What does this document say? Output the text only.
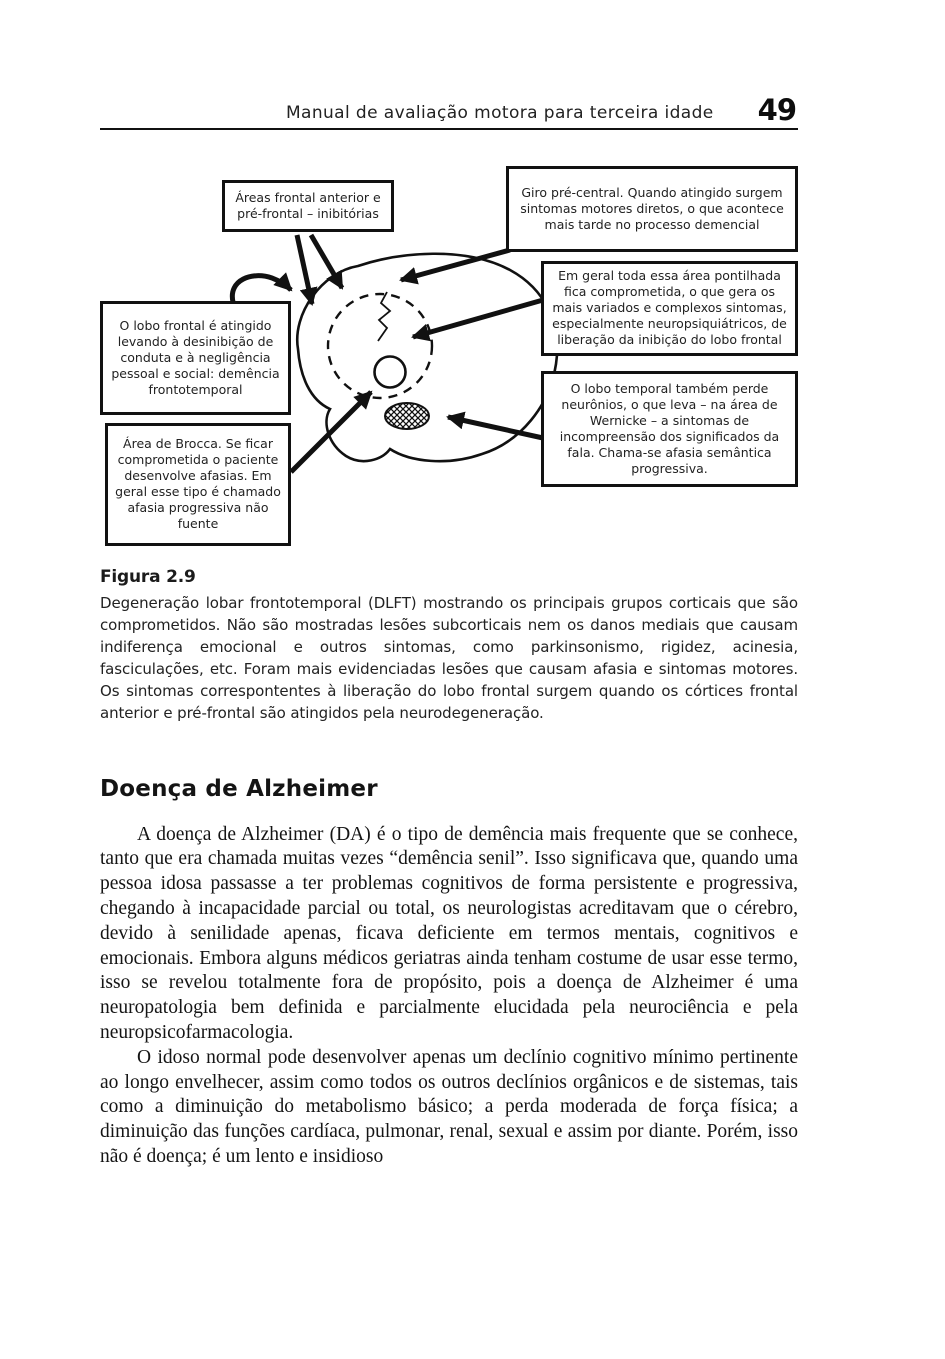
Manual de avaliação motora para terceira idade 49
Áreas frontal anterior e pré-frontal – inibitórias
Giro pré-central. Quando atingido surgem sintomas motores diretos, o que acontece mais tarde no processo demencial
Em geral toda essa área pontilhada fica comprometida, o que gera os mais variados e complexos sintomas, especialmente neuropsiquiátricos, de liberação da inibição do lobo frontal
O lobo temporal também perde neurônios, o que leva – na área de Wernicke – a sintomas de incompreensão dos significados da fala. Chama-se afasia semântica progressiva.
O lobo frontal é atingido levando à desinibição de conduta e à negligência pessoal e social: demência frontotemporal
Área de Brocca. Se ficar comprometida o paciente desenvolve afasias. Em geral esse tipo é chamado afasia progressiva não fuente
Figura 2.9
Degeneração lobar frontotemporal (DLFT) mostrando os principais grupos corticais que são comprometidos. Não são mostradas lesões subcorticais nem os danos mediais que causam indiferença emocional e outros sintomas, como parkinsonismo, rigidez, acinesia, fasciculações, etc. Foram mais evidenciadas lesões que causam afasia e sintomas motores. Os sintomas correspontentes à liberação do lobo frontal surgem quando os córtices frontal anterior e pré-frontal são atingidos pela neurodegeneração.
Doença de Alzheimer

A doença de Alzheimer (DA) é o tipo de demência mais frequente que se conhece, tanto que era chamada muitas vezes “demência senil”. Isso significava que, quando uma pessoa idosa passasse a ter problemas cognitivos de forma persistente e progressiva, chegando à incapacidade parcial ou total, os neurologistas acreditavam que o cérebro, devido à senilidade apenas, ficava deficiente em termos mentais, cognitivos e emocionais. Embora alguns médicos geriatras ainda tenham costume de usar esse termo, isso se revelou totalmente fora de propósito, pois a doença de Alzheimer é uma neuropatologia bem definida e parcialmente elucidada pela neurociência e pela neuropsicofarmacologia.

O idoso normal pode desenvolver apenas um declínio cognitivo mínimo pertinente ao longo envelhecer, assim como todos os outros declínios orgânicos e de sistemas, tais como a diminuição do metabolismo básico; a perda moderada de força física; a diminuição das funções cardíaca, pulmonar, renal, sexual e assim por diante. Porém, isso não é doença; é um lento e insidioso
